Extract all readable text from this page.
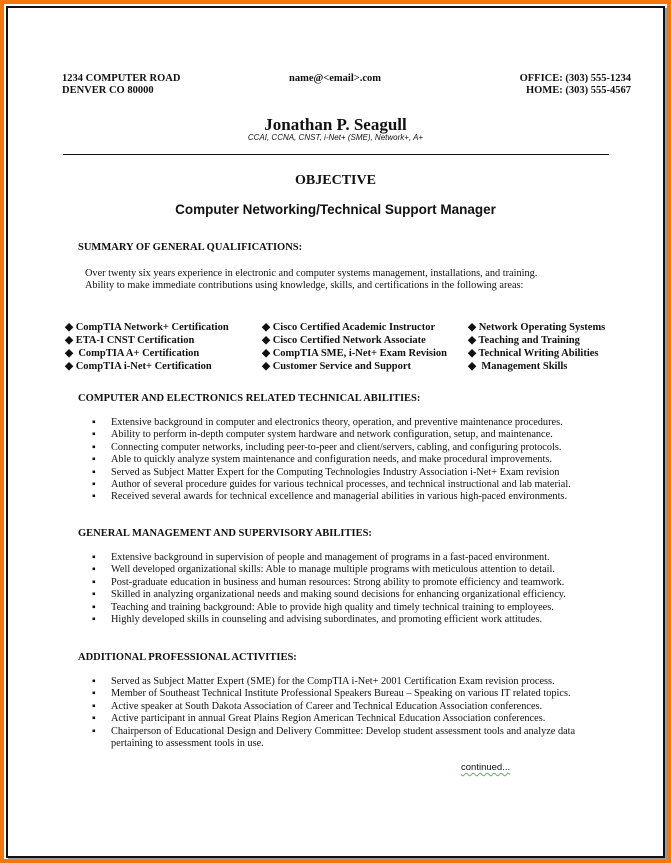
1234 COMPUTER ROAD
DENVER CO 80000
name@<email>.com	OFFICE: (303) 555-1234
HOME: (303) 555-4567
Jonathan P. Seagull
CCAI, CCNA, CNST, i-Net+ (SME), Network+, A+
OBJECTIVE
Computer Networking/Technical Support Manager
SUMMARY OF GENERAL QUALIFICATIONS:
Over twenty six years experience in electronic and computer systems management, installations, and training.
Ability to make immediate contributions using knowledge, skills, and certifications in the following areas:
◆ CompTIA Network+ Certification
◆ ETA-I CNST Certification
◆ CompTIA A+ Certification
◆ CompTIA i-Net+ Certification
◆ Cisco Certified Academic Instructor
◆ Cisco Certified Network Associate
◆ CompTIA SME, i-Net+ Exam Revision
◆ Customer Service and Support
◆ Network Operating Systems
◆ Teaching and Training
◆ Technical Writing Abilities
◆ Management Skills
COMPUTER AND ELECTRONICS RELATED TECHNICAL ABILITIES:
▪ Extensive background in computer and electronics theory, operation, and preventive maintenance procedures.
▪ Ability to perform in-depth computer system hardware and network configuration, setup, and maintenance.
▪ Connecting computer networks, including peer-to-peer and client/servers, cabling, and configuring protocols.
▪ Able to quickly analyze system maintenance and configuration needs, and make procedural improvements.
▪ Served as Subject Matter Expert for the Computing Technologies Industry Association i-Net+ Exam revision
▪ Author of several procedure guides for various technical processes, and technical instructional and lab material.
▪ Received several awards for technical excellence and managerial abilities in various high-paced environments.
GENERAL MANAGEMENT AND SUPERVISORY ABILITIES:
▪ Extensive background in supervision of people and management of programs in a fast-paced environment.
▪ Well developed organizational skills: Able to manage multiple programs with meticulous attention to detail.
▪ Post-graduate education in business and human resources: Strong ability to promote efficiency and teamwork.
▪ Skilled in analyzing organizational needs and making sound decisions for enhancing organizational efficiency.
▪ Teaching and training background: Able to provide high quality and timely technical training to employees.
▪ Highly developed skills in counseling and advising subordinates, and promoting efficient work attitudes.
ADDITIONAL PROFESSIONAL ACTIVITIES:
▪ Served as Subject Matter Expert (SME) for the CompTIA i-Net+ 2001 Certification Exam revision process.
▪ Member of Southeast Technical Institute Professional Speakers Bureau – Speaking on various IT related topics.
▪ Active speaker at South Dakota Association of Career and Technical Education Association conferences.
▪ Active participant in annual Great Plains Region American Technical Education Association conferences.
▪ Chairperson of Educational Design and Delivery Committee: Develop student assessment tools and analyze data
pertaining to assessment tools in use.
continued...
